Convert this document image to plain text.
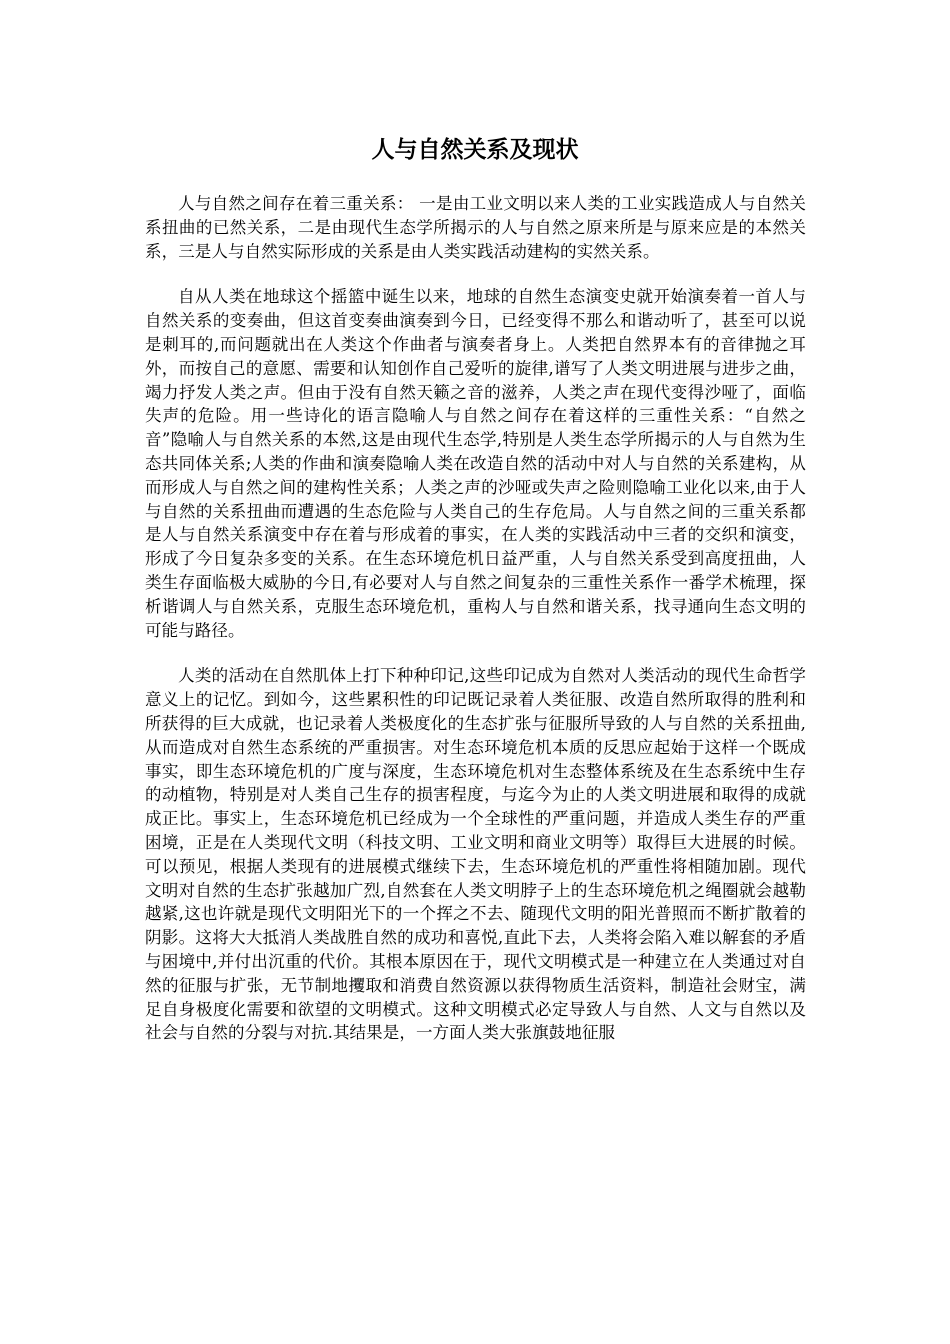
人与自然关系及现状

人与自然之间存在着三重关系： 一是由工业文明以来人类的工业实践造成人与自然关系扭曲的已然关系，二是由现代生态学所揭示的人与自然之原来所是与原来应是的本然关系，三是人与自然实际形成的关系是由人类实践活动建构的实然关系。

自从人类在地球这个摇篮中诞生以来，地球的自然生态演变史就开始演奏着一首人与自然关系的变奏曲，但这首变奏曲演奏到今日，已经变得不那么和谐动听了，甚至可以说是刺耳的,而问题就出在人类这个作曲者与演奏者身上。人类把自然界本有的音律抛之耳外，而按自己的意愿、需要和认知创作自己爱听的旋律,谱写了人类文明进展与进步之曲，竭力抒发人类之声。但由于没有自然天籁之音的滋养，人类之声在现代变得沙哑了，面临失声的危险。用一些诗化的语言隐喻人与自然之间存在着这样的三重性关系：“自然之音”隐喻人与自然关系的本然,这是由现代生态学,特别是人类生态学所揭示的人与自然为生态共同体关系;人类的作曲和演奏隐喻人类在改造自然的活动中对人与自然的关系建构，从而形成人与自然之间的建构性关系；人类之声的沙哑或失声之险则隐喻工业化以来,由于人与自然的关系扭曲而遭遇的生态危险与人类自己的生存危局。人与自然之间的三重关系都是人与自然关系演变中存在着与形成着的事实，在人类的实践活动中三者的交织和演变，形成了今日复杂多变的关系。在生态环境危机日益严重，人与自然关系受到高度扭曲，人类生存面临极大威胁的今日,有必要对人与自然之间复杂的三重性关系作一番学术梳理，探析谐调人与自然关系，克服生态环境危机，重构人与自然和谐关系，找寻通向生态文明的可能与路径。

人类的活动在自然肌体上打下种种印记,这些印记成为自然对人类活动的现代生命哲学意义上的记忆。到如今，这些累积性的印记既记录着人类征服、改造自然所取得的胜利和所获得的巨大成就，也记录着人类极度化的生态扩张与征服所导致的人与自然的关系扭曲,从而造成对自然生态系统的严重损害。对生态环境危机本质的反思应起始于这样一个既成事实，即生态环境危机的广度与深度，生态环境危机对生态整体系统及在生态系统中生存的动植物，特别是对人类自己生存的损害程度，与迄今为止的人类文明进展和取得的成就成正比。事实上，生态环境危机已经成为一个全球性的严重问题，并造成人类生存的严重困境，正是在人类现代文明（科技文明、工业文明和商业文明等）取得巨大进展的时候。可以预见，根据人类现有的进展模式继续下去，生态环境危机的严重性将相随加剧。现代文明对自然的生态扩张越加广烈,自然套在人类文明脖子上的生态环境危机之绳圈就会越勒越紧,这也许就是现代文明阳光下的一个挥之不去、随现代文明的阳光普照而不断扩散着的阴影。这将大大抵消人类战胜自然的成功和喜悦,直此下去，人类将会陷入难以解套的矛盾与困境中,并付出沉重的代价。其根本原因在于，现代文明模式是一种建立在人类通过对自然的征服与扩张，无节制地攫取和消费自然资源以获得物质生活资料，制造社会财宝，满足自身极度化需要和欲望的文明模式。这种文明模式必定导致人与自然、人文与自然以及社会与自然的分裂与对抗.其结果是，一方面人类大张旗鼓地征服
